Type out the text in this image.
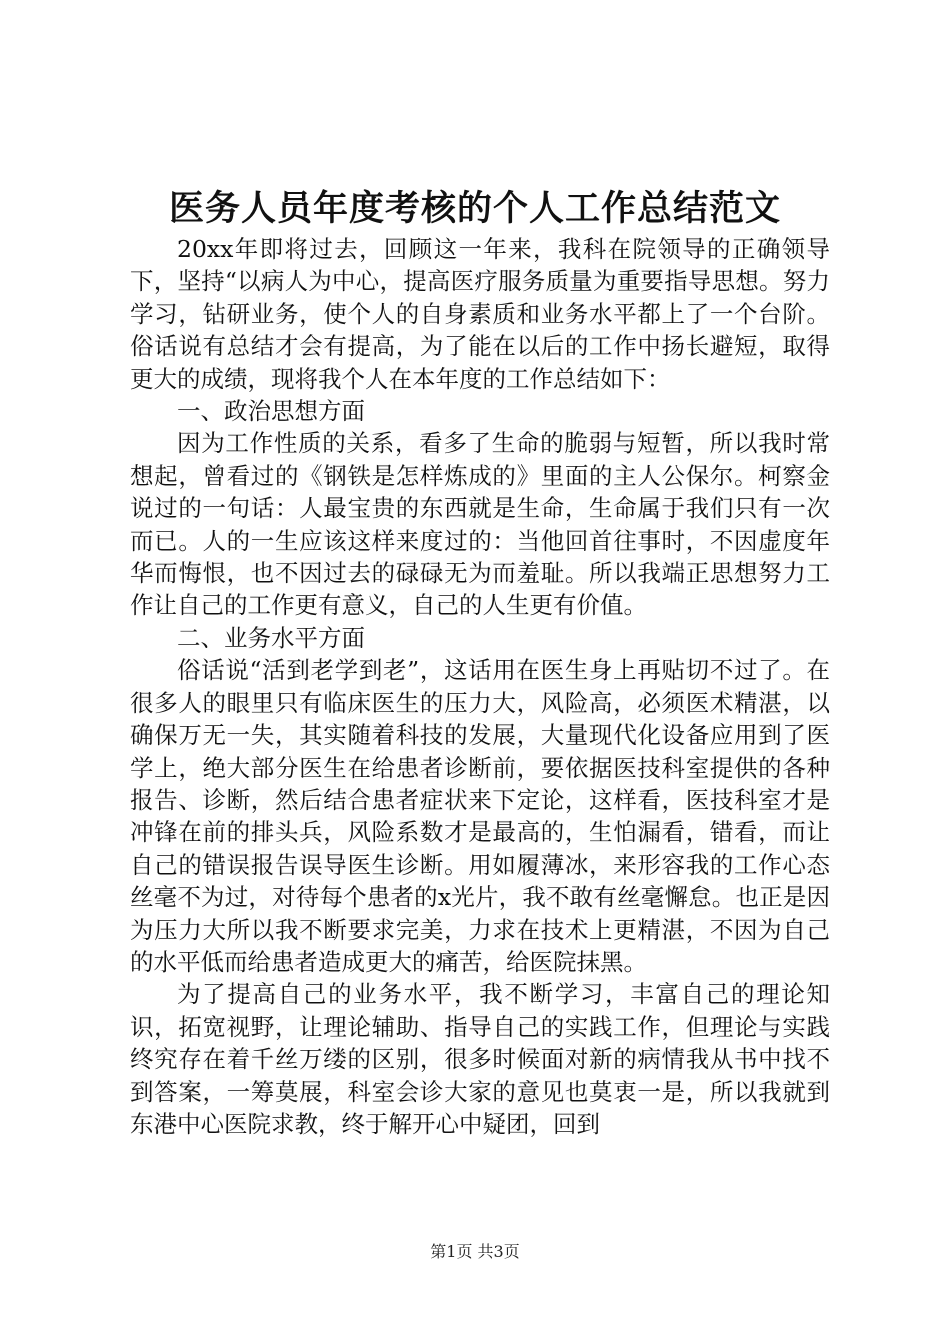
医务人员年度考核的个人工作总结范文

20xx年即将过去，回顾这一年来，我科在院领导的正确领导下，坚持“以病人为中心，提高医疗服务质量为重要指导思想。努力学习，钻研业务，使个人的自身素质和业务水平都上了一个台阶。俗话说有总结才会有提高，为了能在以后的工作中扬长避短，取得更大的成绩，现将我个人在本年度的工作总结如下：

一、政治思想方面

因为工作性质的关系，看多了生命的脆弱与短暂，所以我时常想起，曾看过的《钢铁是怎样炼成的》里面的主人公保尔。柯察金说过的一句话：人最宝贵的东西就是生命，生命属于我们只有一次而已。人的一生应该这样来度过的：当他回首往事时，不因虚度年华而悔恨，也不因过去的碌碌无为而羞耻。所以我端正思想努力工作让自己的工作更有意义，自己的人生更有价值。

二、业务水平方面

俗话说“活到老学到老”，这话用在医生身上再贴切不过了。在很多人的眼里只有临床医生的压力大，风险高，必须医术精湛，以确保万无一失，其实随着科技的发展，大量现代化设备应用到了医学上，绝大部分医生在给患者诊断前，要依据医技科室提供的各种报告、诊断，然后结合患者症状来下定论，这样看，医技科室才是冲锋在前的排头兵，风险系数才是最高的，生怕漏看，错看，而让自己的错误报告误导医生诊断。用如履薄冰，来形容我的工作心态丝毫不为过，对待每个患者的x光片，我不敢有丝毫懈怠。也正是因为压力大所以我不断要求完美，力求在技术上更精湛，不因为自己的水平低而给患者造成更大的痛苦，给医院抹黑。

为了提高自己的业务水平，我不断学习，丰富自己的理论知识，拓宽视野，让理论辅助、指导自己的实践工作，但理论与实践终究存在着千丝万缕的区别，很多时候面对新的病情我从书中找不到答案，一筹莫展，科室会诊大家的意见也莫衷一是，所以我就到东港中心医院求教，终于解开心中疑团，回到

第1页 共3页
